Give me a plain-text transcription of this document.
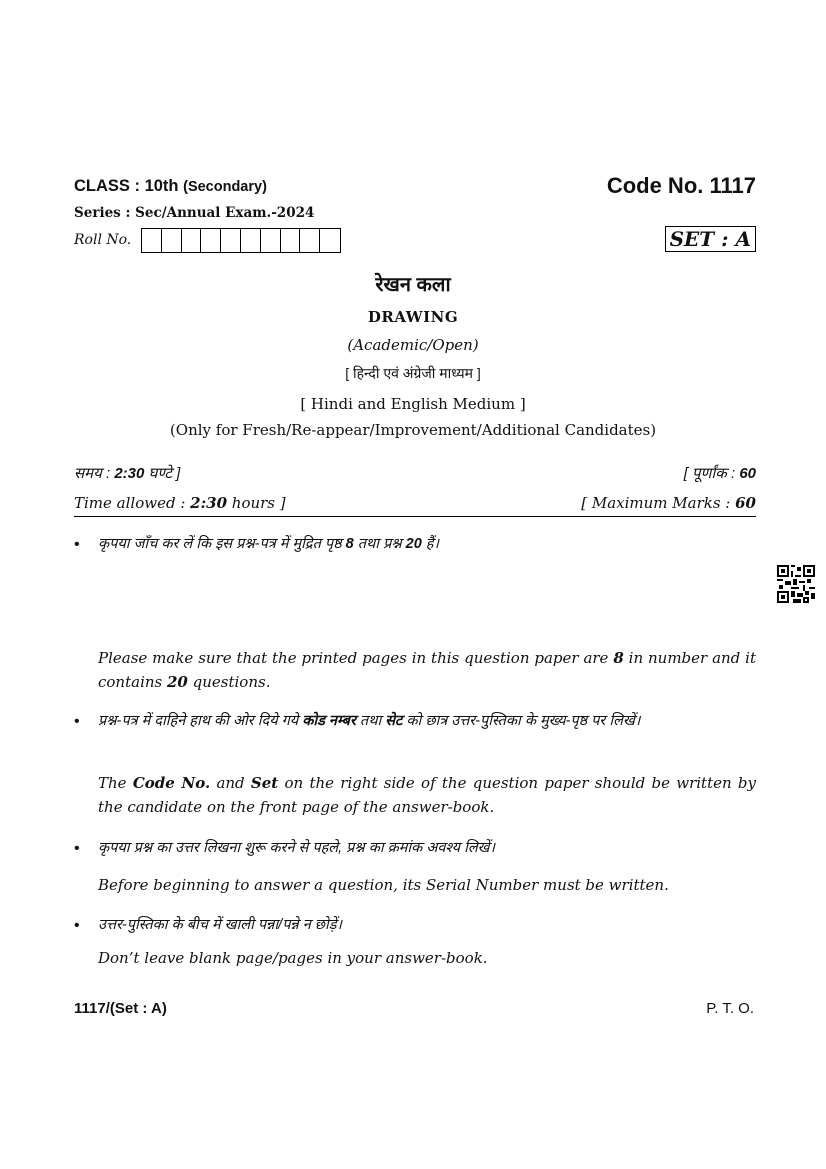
CLASS : 10th (Secondary)	Code No. 1117
Series : Sec/Annual Exam.-2024
Roll No.	SET : A
रेखन कला
DRAWING
(Academic/Open)
[ हिन्दी एवं अंग्रेजी माध्यम ]
[ Hindi and English Medium ]
(Only for Fresh/Re-appear/Improvement/Additional Candidates)
समय : 2:30 घण्टे ]	[ पूर्णांक : 60
Time allowed : 2:30 hours ]	[ Maximum Marks : 60
• कृपया जाँच कर लें कि इस प्रश्न-पत्र में मुद्रित पृष्ठ 8 तथा प्रश्न 20 हैं।
Please make sure that the printed pages in this question paper are 8 in number and it contains 20 questions.
• प्रश्न-पत्र में दाहिने हाथ की ओर दिये गये कोड नम्बर तथा सेट को छात्र उत्तर-पुस्तिका के मुख्य-पृष्ठ पर लिखें।
The Code No. and Set on the right side of the question paper should be written by the candidate on the front page of the answer-book.
• कृपया प्रश्न का उत्तर लिखना शुरू करने से पहले, प्रश्न का क्रमांक अवश्य लिखें।
Before beginning to answer a question, its Serial Number must be written.
• उत्तर-पुस्तिका के बीच में खाली पन्ना/पन्ने न छोड़ें।
Don’t leave blank page/pages in your answer-book.
1117/(Set : A)	P. T. O.
